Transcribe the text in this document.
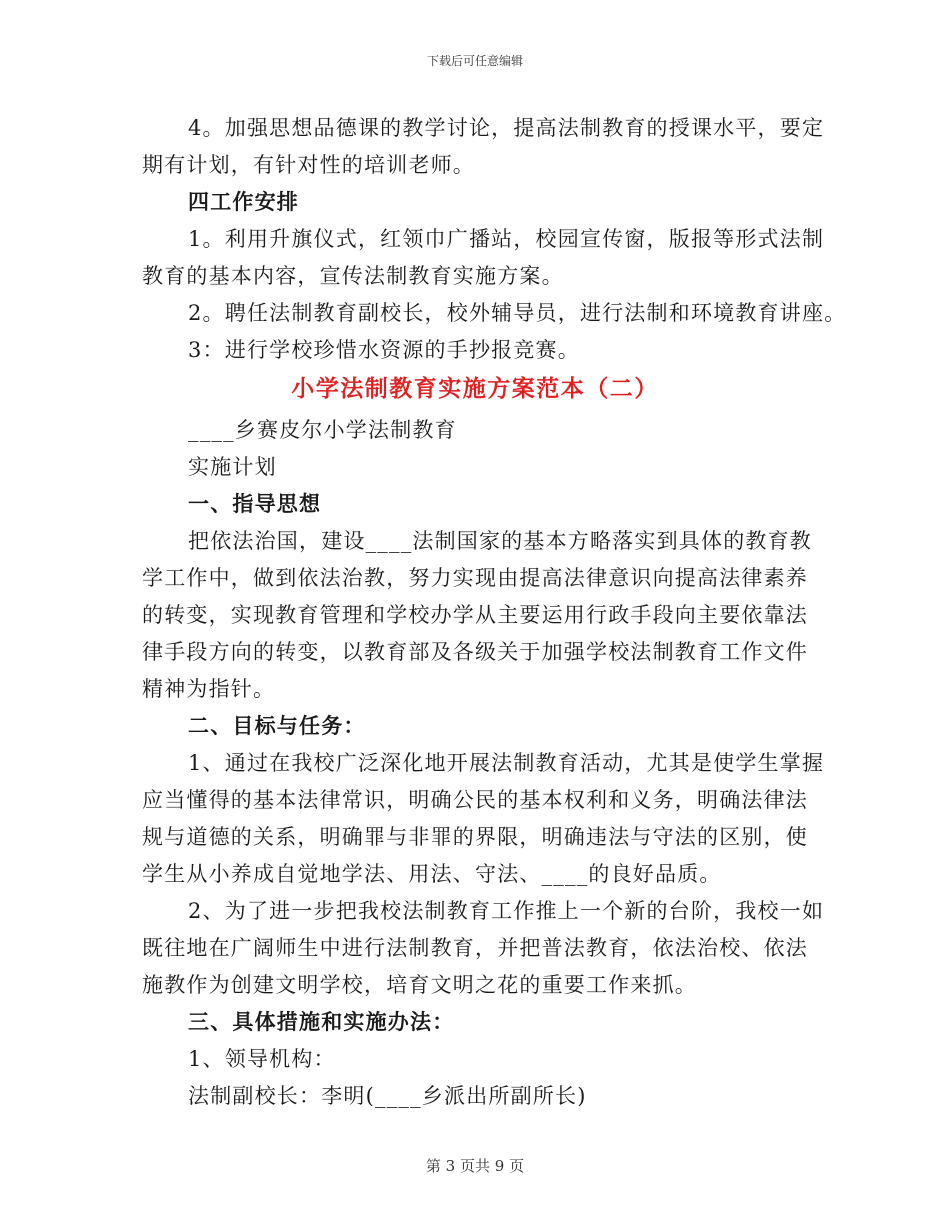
下载后可任意编辑
4。加强思想品德课的教学讨论，提高法制教育的授课水平，要定
期有计划，有针对性的培训老师。
四工作安排
1。利用升旗仪式，红领巾广播站，校园宣传窗，版报等形式法制
教育的基本内容，宣传法制教育实施方案。
2。聘任法制教育副校长，校外辅导员，进行法制和环境教育讲座。
3：进行学校珍惜水资源的手抄报竞赛。
小学法制教育实施方案范本（二）
____乡赛皮尔小学法制教育
实施计划
一、指导思想
把依法治国，建设____法制国家的基本方略落实到具体的教育教
学工作中，做到依法治教，努力实现由提高法律意识向提高法律素养
的转变，实现教育管理和学校办学从主要运用行政手段向主要依靠法
律手段方向的转变，以教育部及各级关于加强学校法制教育工作文件
精神为指针。
二、目标与任务：
1、通过在我校广泛深化地开展法制教育活动，尤其是使学生掌握
应当懂得的基本法律常识，明确公民的基本权利和义务，明确法律法
规与道德的关系，明确罪与非罪的界限，明确违法与守法的区别，使
学生从小养成自觉地学法、用法、守法、____的良好品质。
2、为了进一步把我校法制教育工作推上一个新的台阶，我校一如
既往地在广阔师生中进行法制教育，并把普法教育，依法治校、依法
施教作为创建文明学校，培育文明之花的重要工作来抓。
三、具体措施和实施办法：
1、领导机构：
法制副校长：李明(____乡派出所副所长)
第 3 页共 9 页
